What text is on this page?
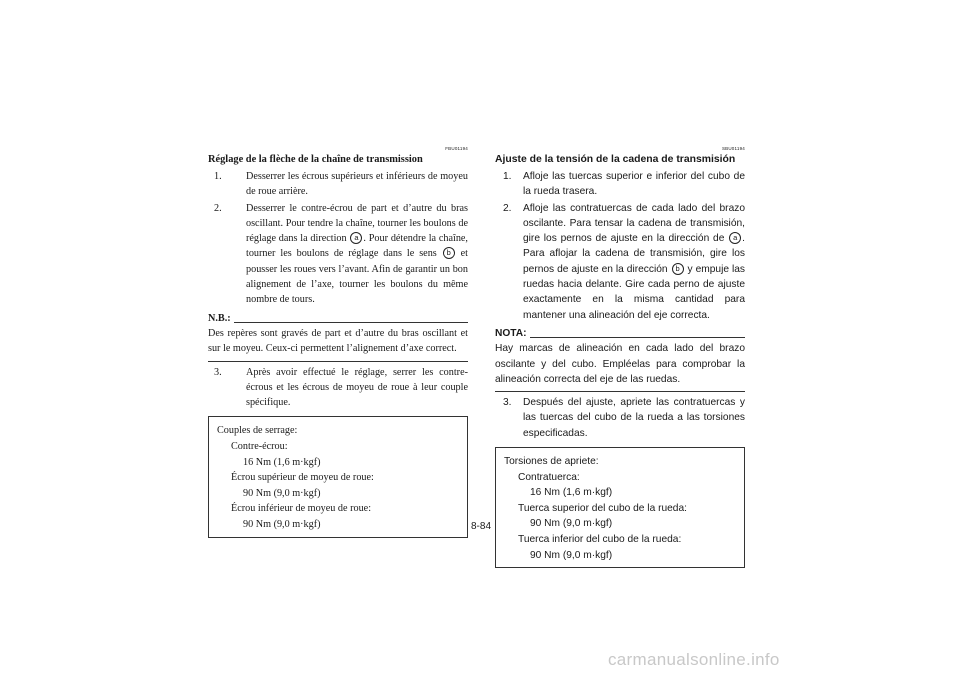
FBU01194
Réglage de la flèche de la chaîne de transmission
1.	Desserrer les écrous supérieurs et inférieurs de moyeu de roue arrière.
2.	Desserrer le contre-écrou de part et d’autre du bras oscillant. Pour tendre la chaîne, tourner les boulons de réglage dans la direction a . Pour détendre la chaîne, tourner les boulons de réglage dans le sens b et pousser les roues vers l’avant. Afin de garantir un bon alignement de l’axe, tourner les boulons du même nombre de tours.
N.B.:

Des repères sont gravés de part et d’autre du bras oscillant et sur le moyeu. Ceux-ci permettent l’alignement d’axe correct.

3.	Après avoir effectué le réglage, serrer les contre-écrous et les écrous de moyeu de roue à leur couple spécifique.
Couples de serrage:
Contre-écrou:
16 Nm (1,6 m·kgf)
Écrou supérieur de moyeu de roue:
90 Nm (9,0 m·kgf)
Écrou inférieur de moyeu de roue:
90 Nm (9,0 m·kgf)
SBU01194
Ajuste de la tensión de la cadena de transmisión
1.	Afloje las tuercas superior e inferior del cubo de la rueda trasera.
2.	Afloje las contratuercas de cada lado del brazo oscilante. Para tensar la cadena de transmisión, gire los pernos de ajuste en la dirección de a . Para aflojar la cadena de transmisión, gire los pernos de ajuste en la dirección b y empuje las ruedas hacia delante. Gire cada perno de ajuste exactamente en la misma cantidad para mantener una alineación del eje correcta.
NOTA:

Hay marcas de alineación en cada lado del brazo oscilante y del cubo. Empléelas para comprobar la alineación correcta del eje de las ruedas.

3.	Después del ajuste, apriete las contratuercas y las tuercas del cubo de la rueda a las torsiones especificadas.
Torsiones de apriete:
Contratuerca:
16 Nm (1,6 m·kgf)
Tuerca superior del cubo de la rueda:
90 Nm (9,0 m·kgf)
Tuerca inferior del cubo de la rueda:
90 Nm (9,0 m·kgf)
8-84
carmanualsonline.info
